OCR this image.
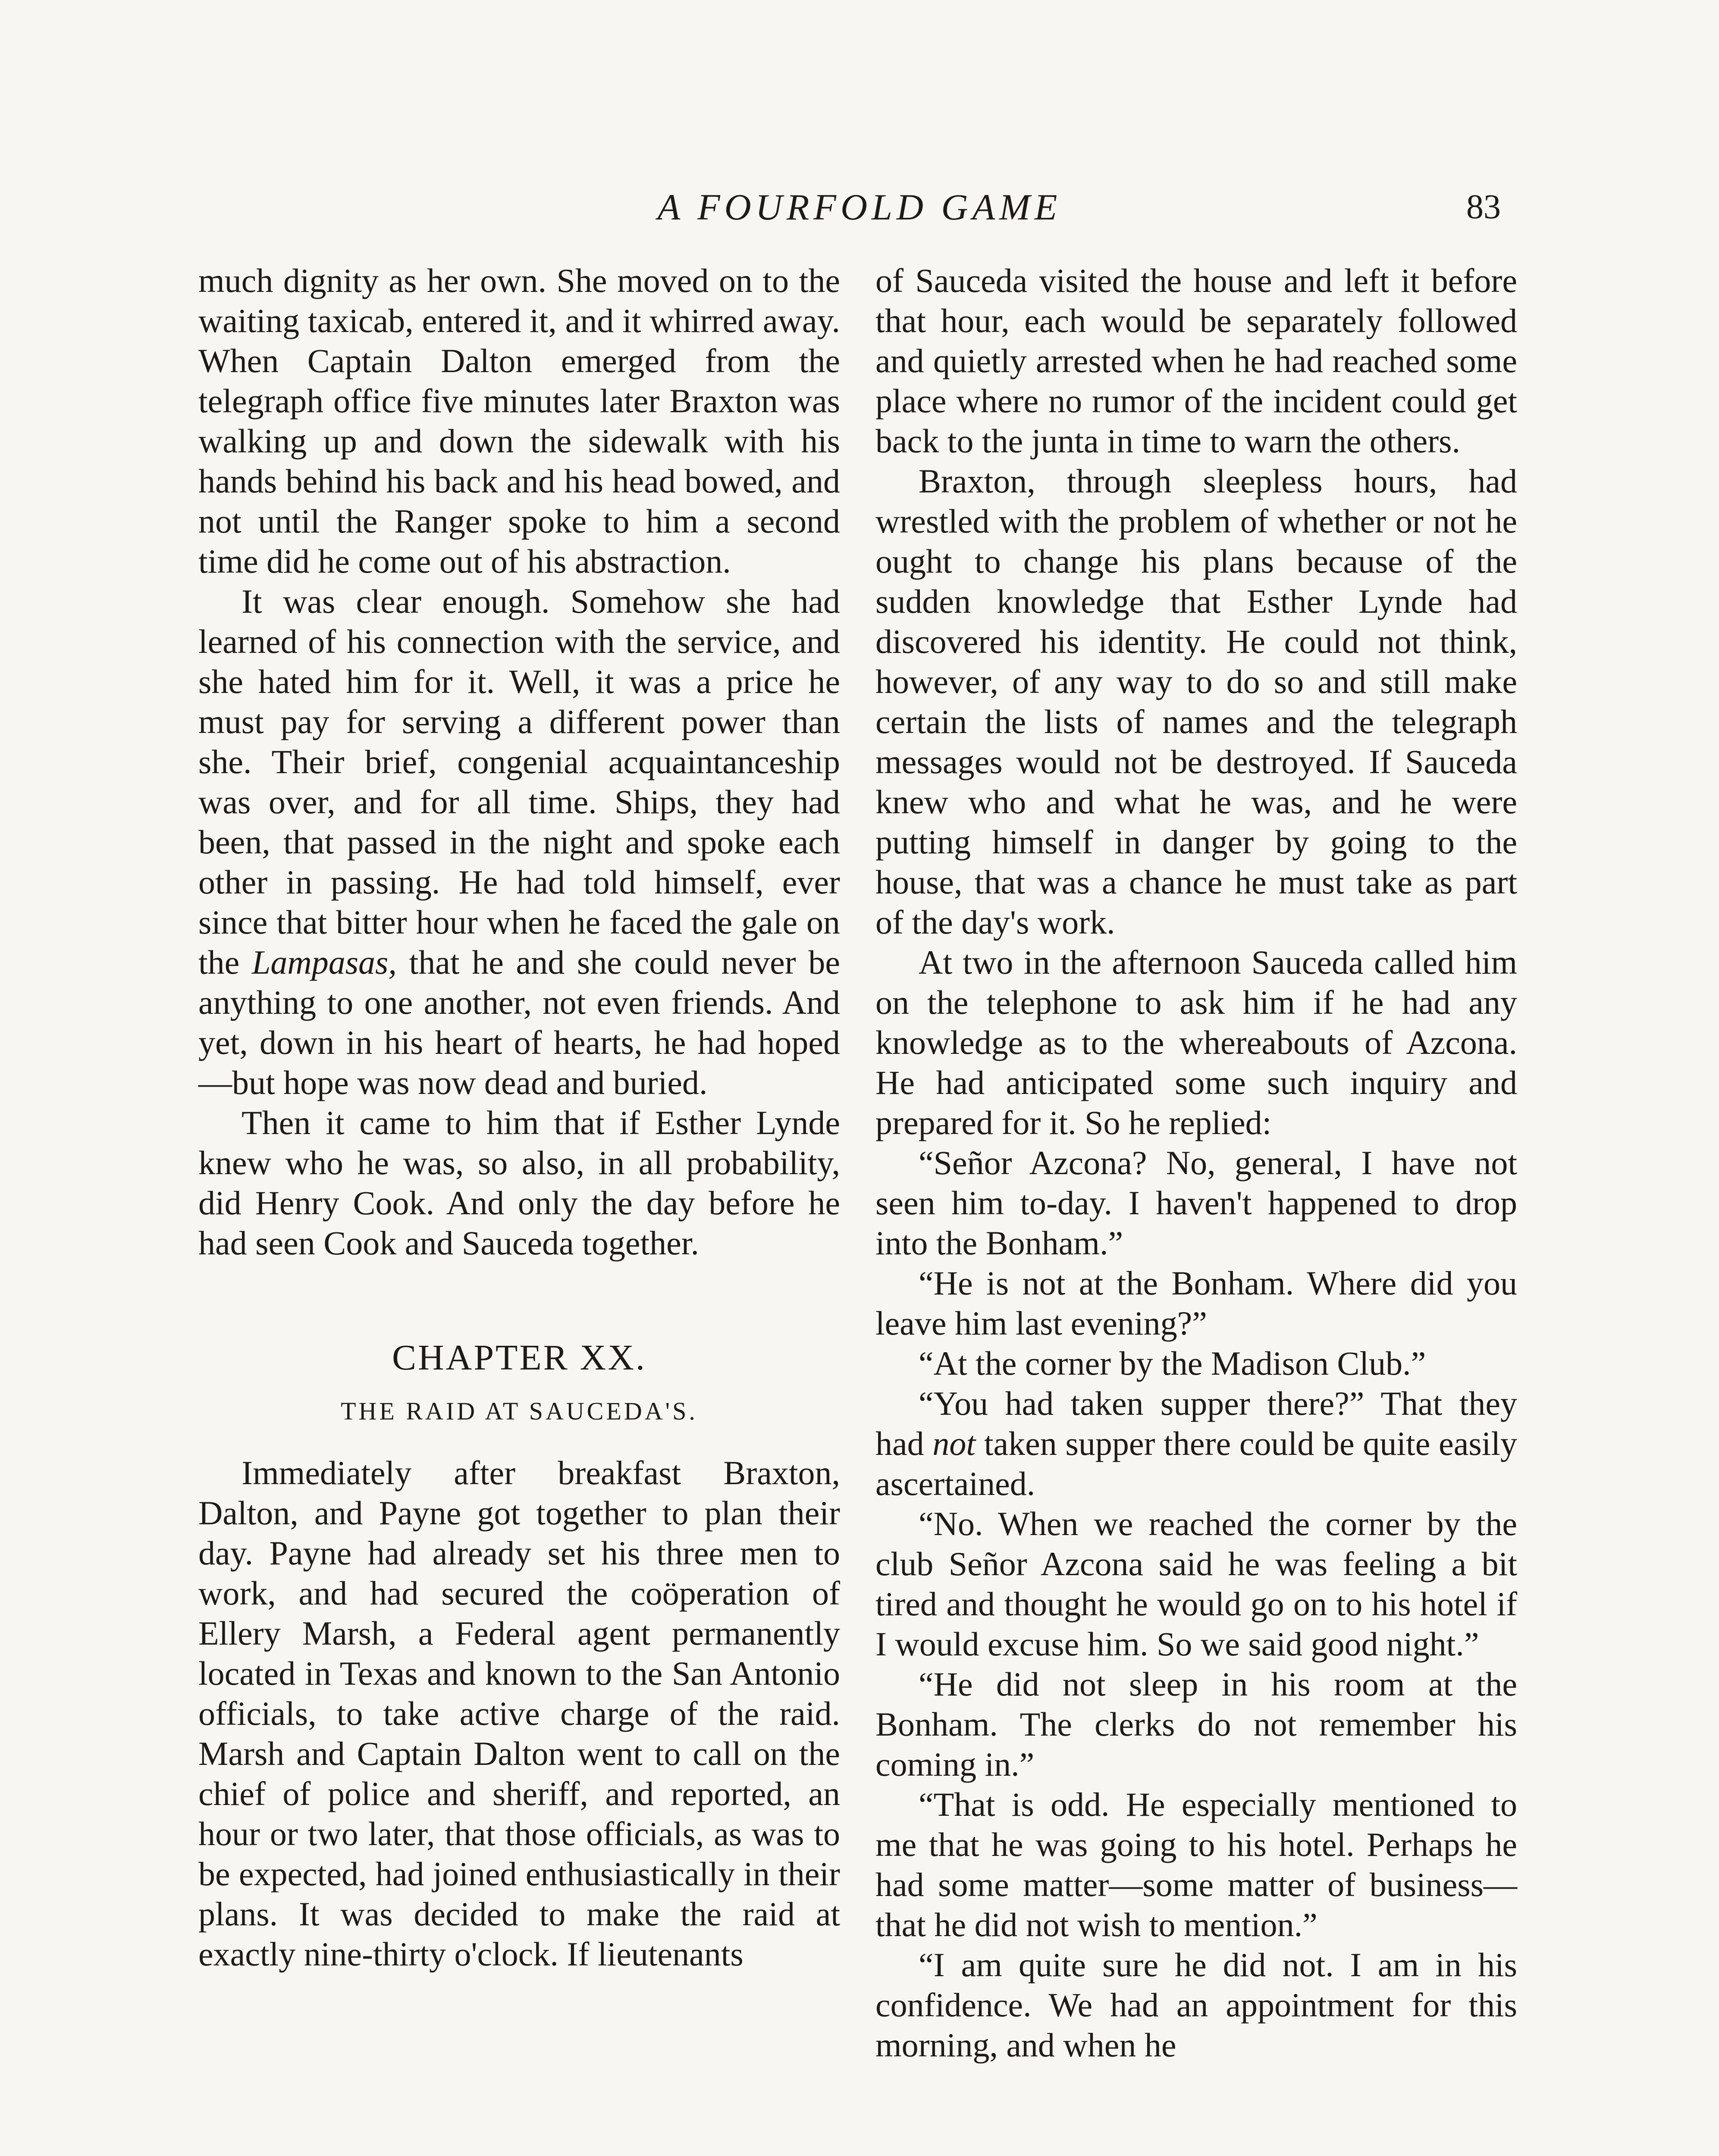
A FOURFOLD GAME	83

much dignity as her own. She moved on to the waiting taxicab, entered it, and it whirred away. When Captain Dalton emerged from the telegraph office five minutes later Braxton was walking up and down the sidewalk with his hands behind his back and his head bowed, and not until the Ranger spoke to him a second time did he come out of his abstraction.

It was clear enough. Somehow she had learned of his connection with the service, and she hated him for it. Well, it was a price he must pay for serving a different power than she. Their brief, congenial acquaintanceship was over, and for all time. Ships, they had been, that passed in the night and spoke each other in passing. He had told himself, ever since that bitter hour when he faced the gale on the Lampasas, that he and she could never be anything to one another, not even friends. And yet, down in his heart of hearts, he had hoped—but hope was now dead and buried.

Then it came to him that if Esther Lynde knew who he was, so also, in all probability, did Henry Cook. And only the day before he had seen Cook and Sauceda together.

CHAPTER XX.
THE RAID AT SAUCEDA'S.

Immediately after breakfast Braxton, Dalton, and Payne got together to plan their day. Payne had already set his three men to work, and had secured the coöperation of Ellery Marsh, a Federal agent permanently located in Texas and known to the San Antonio officials, to take active charge of the raid. Marsh and Captain Dalton went to call on the chief of police and sheriff, and reported, an hour or two later, that those officials, as was to be expected, had joined enthusiastically in their plans. It was decided to make the raid at exactly nine-thirty o'clock. If lieutenants

of Sauceda visited the house and left it before that hour, each would be separately followed and quietly arrested when he had reached some place where no rumor of the incident could get back to the junta in time to warn the others.

Braxton, through sleepless hours, had wrestled with the problem of whether or not he ought to change his plans because of the sudden knowledge that Esther Lynde had discovered his identity. He could not think, however, of any way to do so and still make certain the lists of names and the telegraph messages would not be destroyed. If Sauceda knew who and what he was, and he were putting himself in danger by going to the house, that was a chance he must take as part of the day's work.

At two in the afternoon Sauceda called him on the telephone to ask him if he had any knowledge as to the whereabouts of Azcona. He had anticipated some such inquiry and prepared for it. So he replied:

“Señor Azcona? No, general, I have not seen him to-day. I haven't happened to drop into the Bonham.”

“He is not at the Bonham. Where did you leave him last evening?”

“At the corner by the Madison Club.”

“You had taken supper there?” That they had not taken supper there could be quite easily ascertained.

“No. When we reached the corner by the club Señor Azcona said he was feeling a bit tired and thought he would go on to his hotel if I would excuse him. So we said good night.”

“He did not sleep in his room at the Bonham. The clerks do not remember his coming in.”

“That is odd. He especially mentioned to me that he was going to his hotel. Perhaps he had some matter—some matter of business—that he did not wish to mention.”

“I am quite sure he did not. I am in his confidence. We had an appointment for this morning, and when he
